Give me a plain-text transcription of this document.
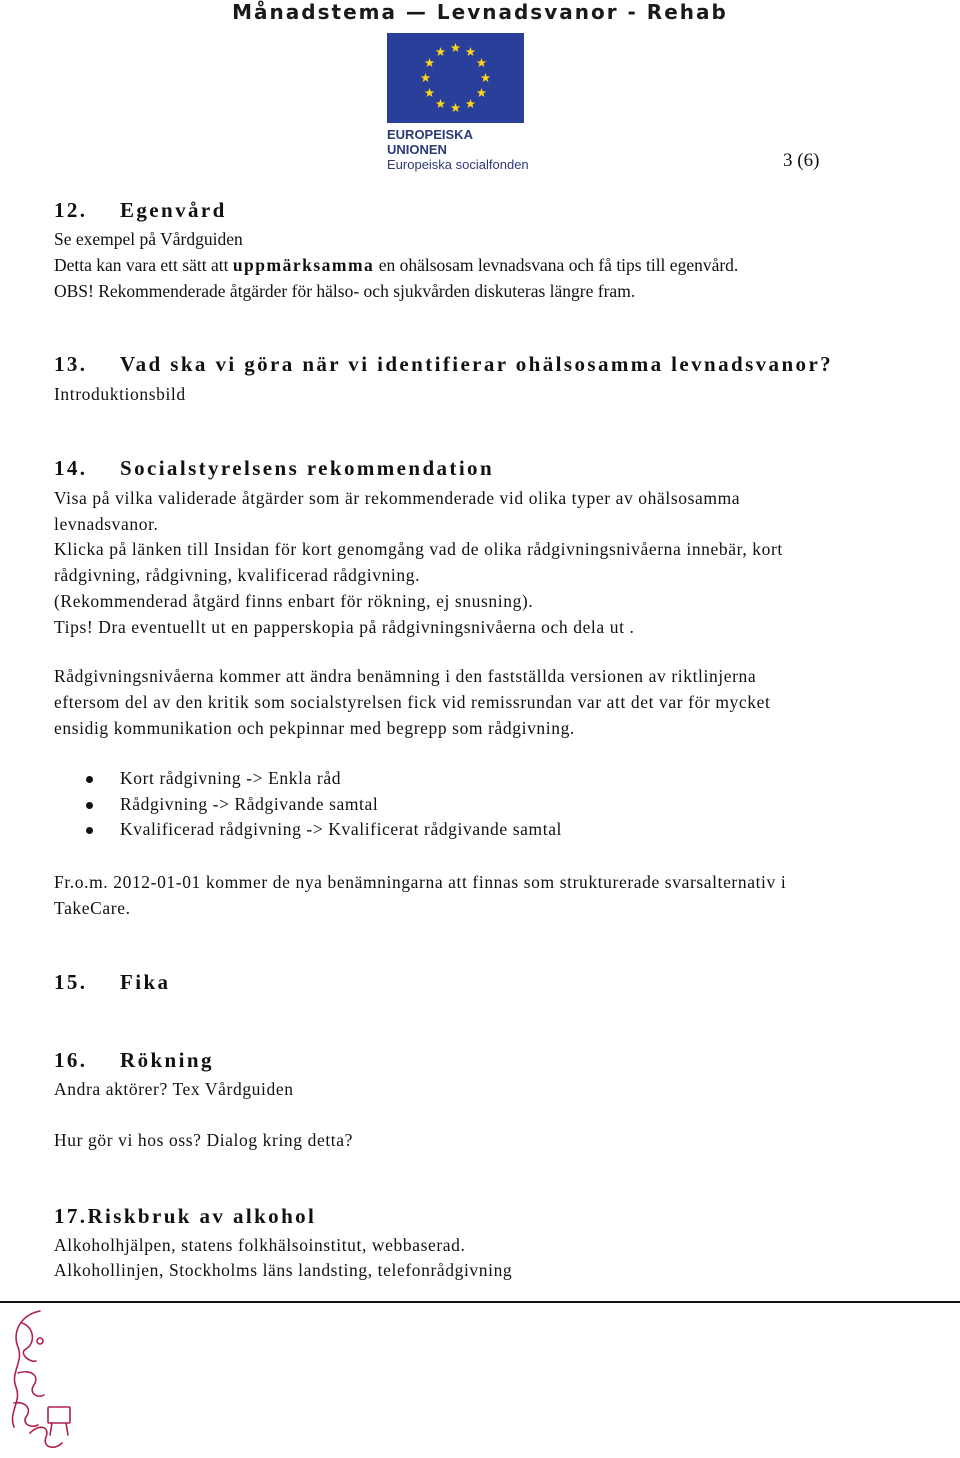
Månadstema — Levnadsvanor - Rehab
EUROPEISKA UNIONEN
Europeiska socialfonden	3 (6)
12. Egenvård
Se exempel på Vårdguiden
Detta kan vara ett sätt att uppmärksamma en ohälsosam levnadsvana och få tips till egenvård.
OBS! Rekommenderade åtgärder för hälso- och sjukvården diskuteras längre fram.
13. Vad ska vi göra när vi identifierar ohälsosamma levnadsvanor?
Introduktionsbild
14. Socialstyrelsens rekommendation
Visa på vilka validerade åtgärder som är rekommenderade vid olika typer av ohälsosamma
levnadsvanor.
Klicka på länken till Insidan för kort genomgång vad de olika rådgivningsnivåerna innebär, kort
rådgivning, rådgivning, kvalificerad rådgivning.
(Rekommenderad åtgärd finns enbart för rökning, ej snusning).
Tips! Dra eventuellt ut en papperskopia på rådgivningsnivåerna och dela ut .
Rådgivningsnivåerna kommer att ändra benämning i den fastställda versionen av riktlinjerna
eftersom del av den kritik som socialstyrelsen fick vid remissrundan var att det var för mycket
ensidig kommunikation och pekpinnar med begrepp som rådgivning.
Kort rådgivning -> Enkla råd
Rådgivning -> Rådgivande samtal
Kvalificerad rådgivning -> Kvalificerat rådgivande samtal
Fr.o.m. 2012-01-01 kommer de nya benämningarna att finnas som strukturerade svarsalternativ i
TakeCare.
15. Fika
16. Rökning
Andra aktörer? Tex Vårdguiden
Hur gör vi hos oss? Dialog kring detta?
17.Riskbruk av alkohol
Alkoholhjälpen, statens folkhälsoinstitut, webbaserad.
Alkohollinjen, Stockholms läns landsting, telefonrådgivning
